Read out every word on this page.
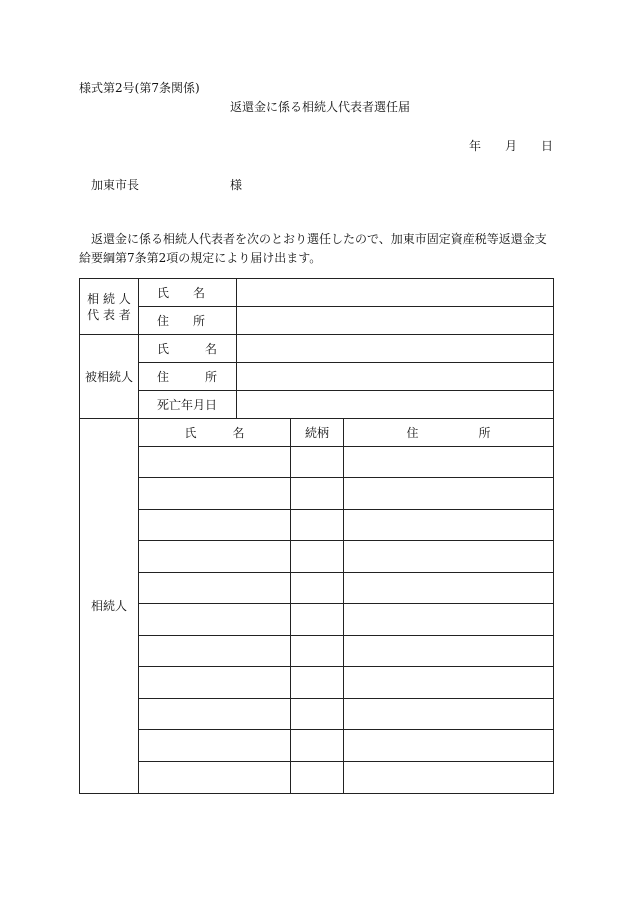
様式第2号(第7条関係)
返還金に係る相続人代表者選任届
年 月 日
加東市長	様
返還金に係る相続人代表者を次のとおり選任したので、加東市固定資産税等返還金支給要綱第7条第2項の規定により届け出ます。
相 続 人
代 表 者	氏　　名			
	住　　所			
被相続人	氏　　　名			
	住　　　所			
	死亡年月日			
相続人	氏　　　名		続柄	住　　　　　所
